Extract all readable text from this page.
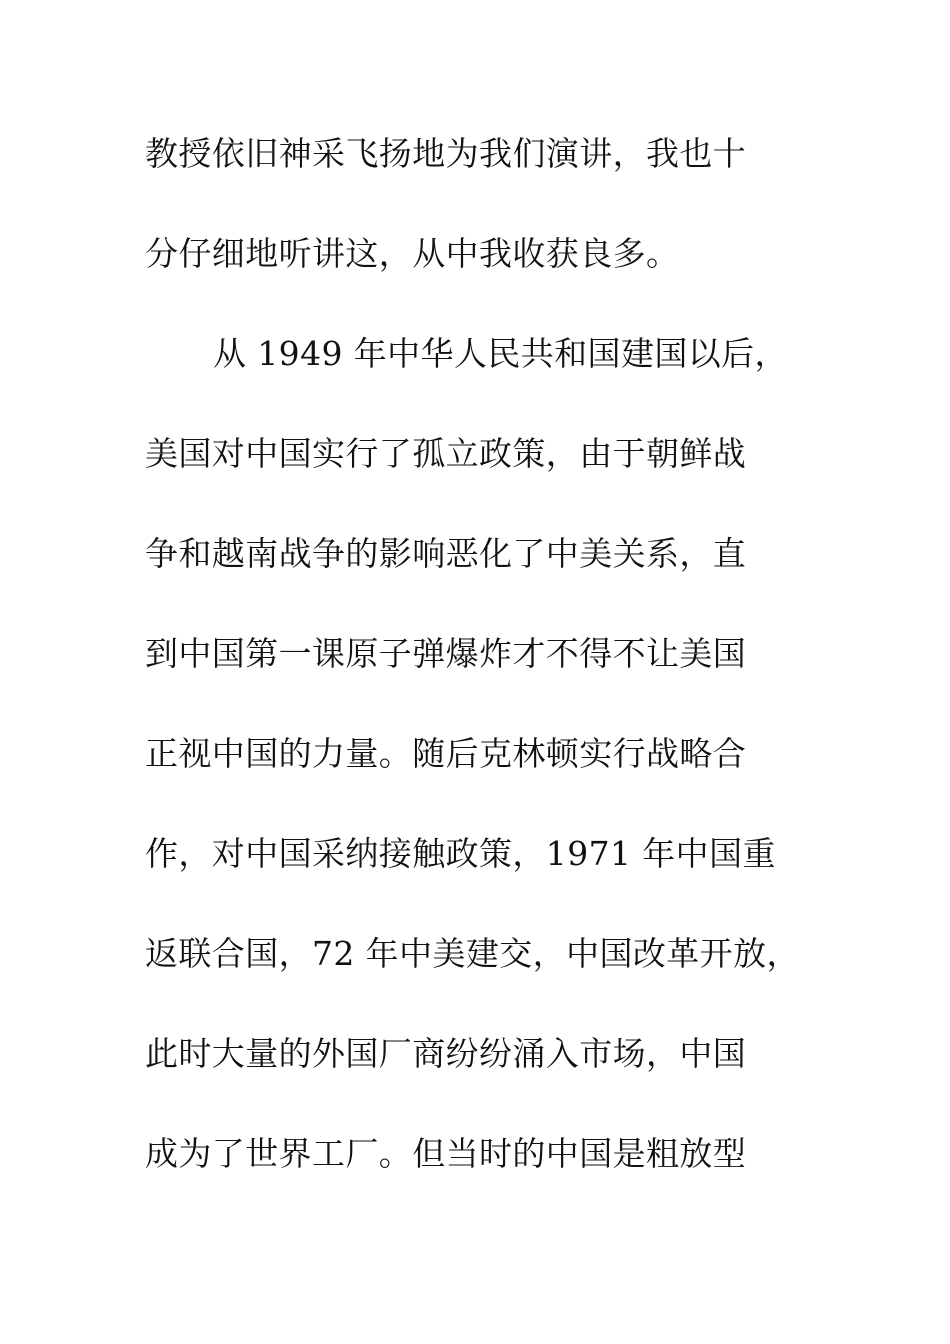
教授依旧神采飞扬地为我们演讲，我也十
分仔细地听讲这，从中我收获良多。
从 1949 年中华人民共和国建国以后，
美国对中国实行了孤立政策，由于朝鲜战
争和越南战争的影响恶化了中美关系，直
到中国第一课原子弹爆炸才不得不让美国
正视中国的力量。随后克林顿实行战略合
作，对中国采纳接触政策，1971 年中国重
返联合国，72 年中美建交，中国改革开放，
此时大量的外国厂商纷纷涌入市场，中国
成为了世界工厂。但当时的中国是粗放型
